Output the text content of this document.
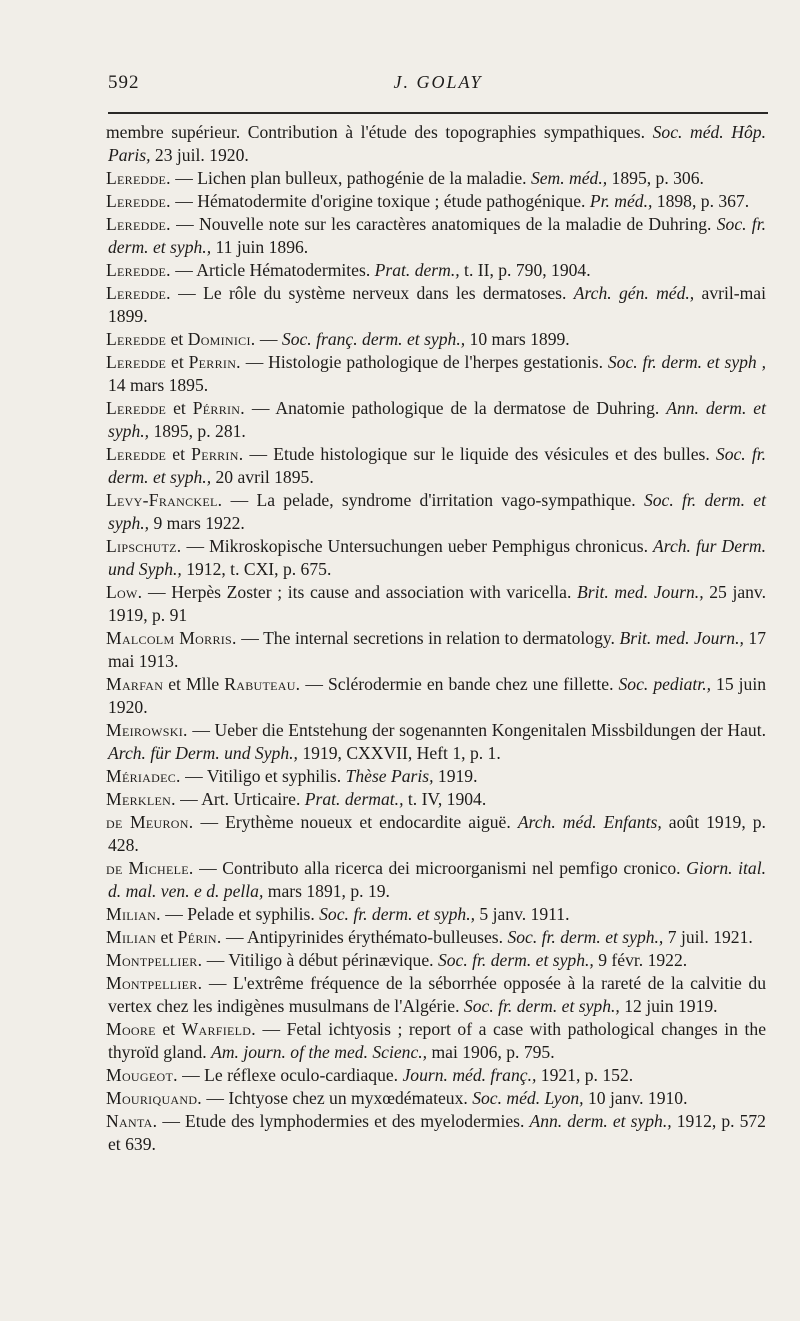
592	J. GOLAY
membre supérieur. Contribution à l'étude des topographies sympathiques. Soc. méd. Hôp. Paris, 23 juil. 1920.
Leredde. — Lichen plan bulleux, pathogénie de la maladie. Sem. méd., 1895, p. 306.
Leredde. — Hématodermite d'origine toxique ; étude pathogénique. Pr. méd., 1898, p. 367.
Leredde. — Nouvelle note sur les caractères anatomiques de la maladie de Duhring. Soc. fr. derm. et syph., 11 juin 1896.
Leredde. — Article Hématodermites. Prat. derm., t. II, p. 790, 1904.
Leredde. — Le rôle du système nerveux dans les dermatoses. Arch. gén. méd., avril-mai 1899.
Leredde et Dominici. — Soc. franç. derm. et syph., 10 mars 1899.
Leredde et Perrin. — Histologie pathologique de l'herpes gestationis. Soc. fr. derm. et syph , 14 mars 1895.
Leredde et Pérrin. — Anatomie pathologique de la dermatose de Duhring. Ann. derm. et syph., 1895, p. 281.
Leredde et Perrin. — Etude histologique sur le liquide des vésicules et des bulles. Soc. fr. derm. et syph., 20 avril 1895.
Levy-Franckel. — La pelade, syndrome d'irritation vago-sympathique. Soc. fr. derm. et syph., 9 mars 1922.
Lipschutz. — Mikroskopische Untersuchungen ueber Pemphigus chronicus. Arch. fur Derm. und Syph., 1912, t. CXI, p. 675.
Low. — Herpès Zoster ; its cause and association with varicella. Brit. med. Journ., 25 janv. 1919, p. 91
Malcolm Morris. — The internal secretions in relation to dermatology. Brit. med. Journ., 17 mai 1913.
Marfan et Mlle Rabuteau. — Sclérodermie en bande chez une fillette. Soc. pediatr., 15 juin 1920.
Meirowski. — Ueber die Entstehung der sogenannten Kongenitalen Missbildungen der Haut. Arch. für Derm. und Syph., 1919, CXXVII, Heft 1, p. 1.
Mériadec. — Vitiligo et syphilis. Thèse Paris, 1919.
Merklen. — Art. Urticaire. Prat. dermat., t. IV, 1904.
de Meuron. — Erythème noueux et endocardite aiguë. Arch. méd. Enfants, août 1919, p. 428.
de Michele. — Contributo alla ricerca dei microorganismi nel pemfigo cronico. Giorn. ital. d. mal. ven. e d. pella, mars 1891, p. 19.
Milian. — Pelade et syphilis. Soc. fr. derm. et syph., 5 janv. 1911.
Milian et Périn. — Antipyrinides érythémato-bulleuses. Soc. fr. derm. et syph., 7 juil. 1921.
Montpellier. — Vitiligo à début périnævique. Soc. fr. derm. et syph., 9 févr. 1922.
Montpellier. — L'extrême fréquence de la séborrhée opposée à la rareté de la calvitie du vertex chez les indigènes musulmans de l'Algérie. Soc. fr. derm. et syph., 12 juin 1919.
Moore et Warfield. — Fetal ichtyosis ; report of a case with pathological changes in the thyroïd gland. Am. journ. of the med. Scienc., mai 1906, p. 795.
Mougeot. — Le réflexe oculo-cardiaque. Journ. méd. franç., 1921, p. 152.
Mouriquand. — Ichtyose chez un myxœdémateux. Soc. méd. Lyon, 10 janv. 1910.
Nanta. — Etude des lymphodermies et des myelodermies. Ann. derm. et syph., 1912, p. 572 et 639.
